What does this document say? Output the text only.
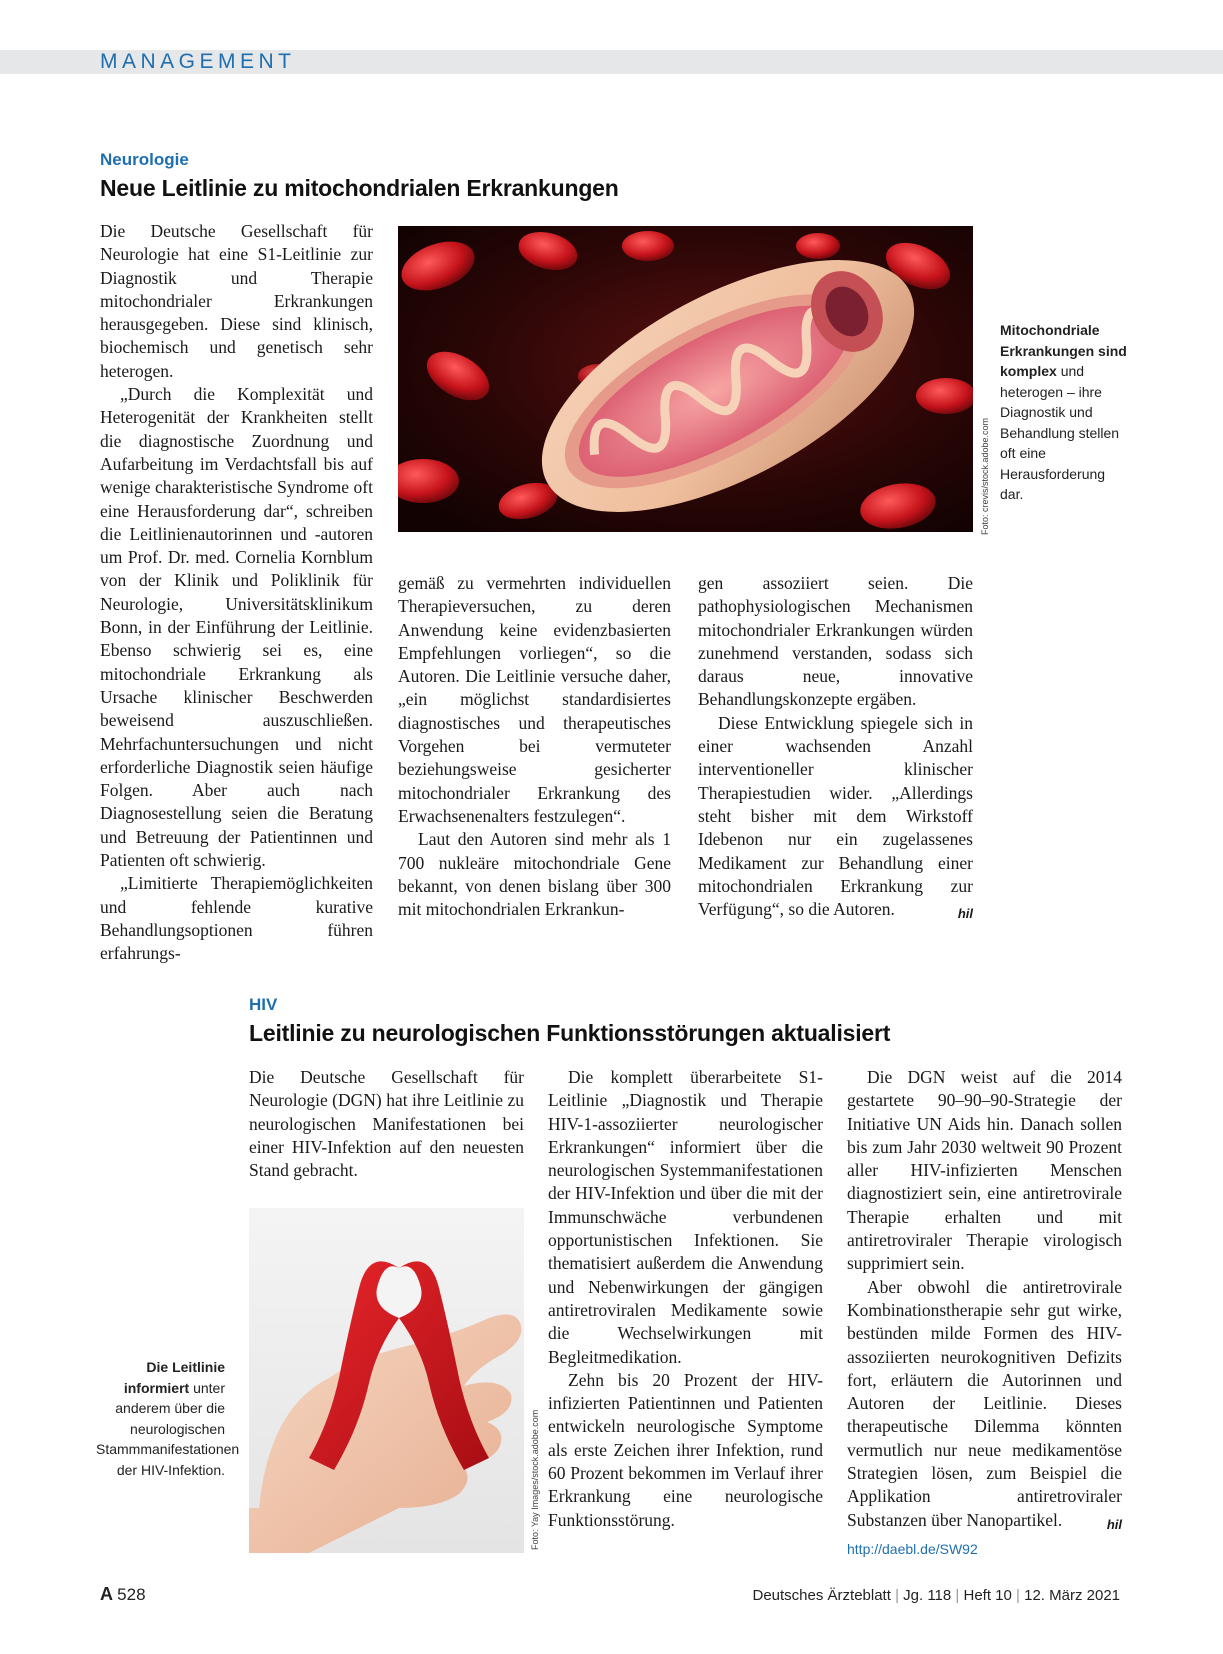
MANAGEMENT
Neurologie
Neue Leitlinie zu mitochondrialen Erkrankungen

Die Deutsche Gesellschaft für Neurologie hat eine S1-Leitlinie zur Diagnostik und Therapie mitochondrialer Erkrankungen herausgegeben. Diese sind klinisch, biochemisch und genetisch sehr heterogen.

„Durch die Komplexität und Heterogenität der Krankheiten stellt die diagnostische Zuordnung und Aufarbeitung im Verdachtsfall bis auf wenige charakteristische Syndrome oft eine Herausforderung dar“, schreiben die Leitlinienautorinnen und -autoren um Prof. Dr. med. Cornelia Kornblum von der Klinik und Poliklinik für Neurologie, Universitätsklinikum Bonn, in der Einführung der Leitlinie. Ebenso schwierig sei es, eine mitochondriale Erkrankung als Ursache klinischer Beschwerden beweisend auszuschließen. Mehrfachuntersuchungen und nicht erforderliche Diagnostik seien häufige Folgen. Aber auch nach Diagnosestellung seien die Beratung und Betreuung der Patientinnen und Patienten oft schwierig.

„Limitierte Therapiemöglichkeiten und fehlende kurative Behandlungsoptionen führen erfahrungs-

Foto: crevis/stock.adobe.com
Mitochondriale Erkrankungen sind komplex und heterogen – ihre Diagnostik und Behandlung stellen oft eine Herausforderung dar.

gemäß zu vermehrten individuellen Therapieversuchen, zu deren Anwendung keine evidenzbasierten Empfehlungen vorliegen“, so die Autoren. Die Leitlinie versuche daher, „ein möglichst standardisiertes diagnostisches und therapeutisches Vorgehen bei vermuteter beziehungsweise gesicherter mitochondrialer Erkrankung des Erwachsenenalters festzulegen“.

Laut den Autoren sind mehr als 1 700 nukleäre mitochondriale Gene bekannt, von denen bislang über 300 mit mitochondrialen Erkrankun-

gen assoziiert seien. Die pathophysiologischen Mechanismen mitochondrialer Erkrankungen würden zunehmend verstanden, sodass sich daraus neue, innovative Behandlungskonzepte ergäben.

Diese Entwicklung spiegele sich in einer wachsenden Anzahl interventioneller klinischer Therapiestudien wider. „Allerdings steht bisher mit dem Wirkstoff Idebenon nur ein zugelassenes Medikament zur Behandlung einer mitochondrialen Erkrankung zur Verfügung“, so die Autoren.	hil

HIV
Leitlinie zu neurologischen Funktionsstörungen aktualisiert

Die Deutsche Gesellschaft für Neurologie (DGN) hat ihre Leitlinie zu neurologischen Manifestationen bei einer HIV-Infektion auf den neuesten Stand gebracht.

Foto: Yay Images/stock.adobe.com
Die Leitlinie informiert unter anderem über die neurologischen Stammmanifestationen der HIV-Infektion.

Die komplett überarbeitete S1-Leitlinie „Diagnostik und Therapie HIV-1-assoziierter neurologischer Erkrankungen“ informiert über die neurologischen Systemmanifestationen der HIV-Infektion und über die mit der Immunschwäche verbundenen opportunistischen Infektionen. Sie thematisiert außerdem die Anwendung und Nebenwirkungen der gängigen antiretroviralen Medikamente sowie die Wechselwirkungen mit Begleitmedikation.

Zehn bis 20 Prozent der HIV-infizierten Patientinnen und Patienten entwickeln neurologische Symptome als erste Zeichen ihrer Infektion, rund 60 Prozent bekommen im Verlauf ihrer Erkrankung eine neurologische Funktionsstörung.

Die DGN weist auf die 2014 gestartete 90–90–90-Strategie der Initiative UN Aids hin. Danach sollen bis zum Jahr 2030 weltweit 90 Prozent aller HIV-infizierten Menschen diagnostiziert sein, eine antiretrovirale Therapie erhalten und mit antiretroviraler Therapie virologisch supprimiert sein.

Aber obwohl die antiretrovirale Kombinationstherapie sehr gut wirke, bestünden milde Formen des HIV-assoziierten neurokognitiven Defizits fort, erläutern die Autorinnen und Autoren der Leitlinie. Dieses therapeutische Dilemma könnten vermutlich nur neue medikamentöse Strategien lösen, zum Beispiel die Applikation antiretroviraler Substanzen über Nanopartikel.	hil

http://daebl.de/SW92
A 528	Deutsches Ärzteblatt | Jg. 118 | Heft 10 | 12. März 2021
